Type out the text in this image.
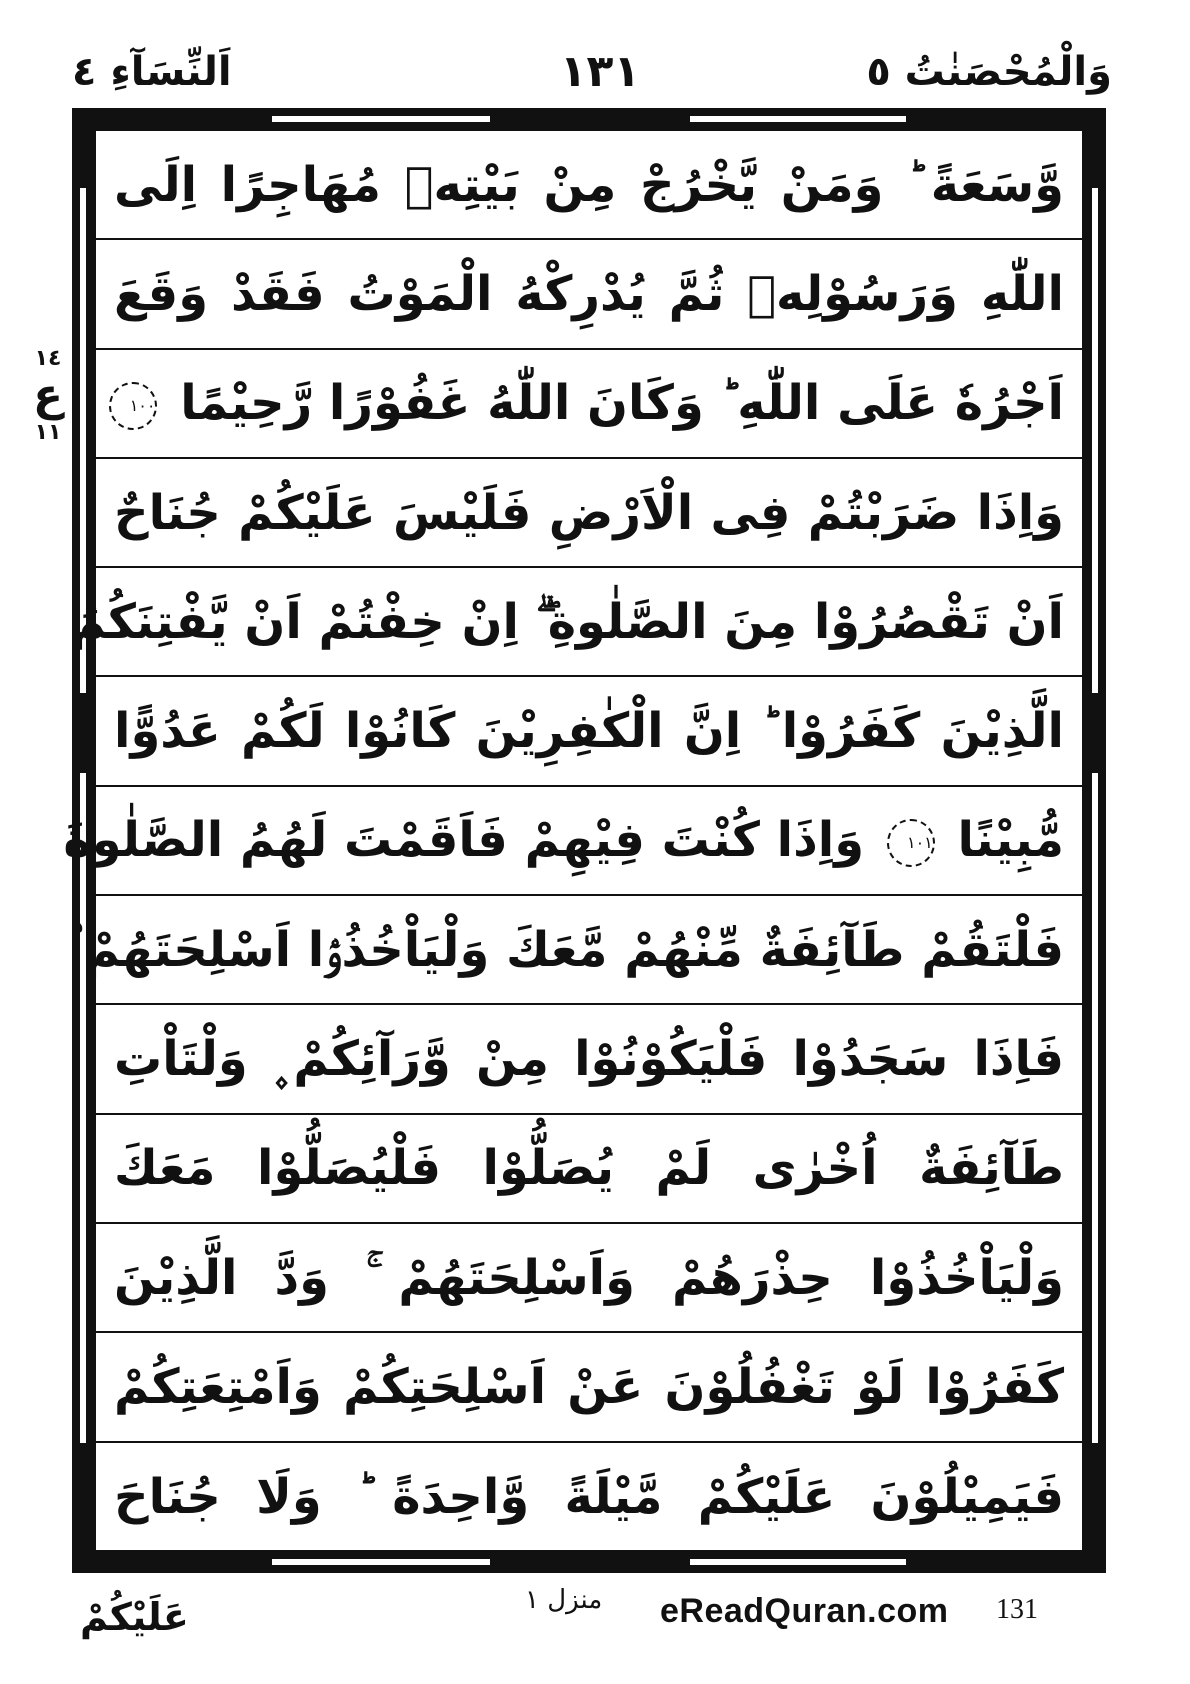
وَالْمُحْصَنٰتُ ٥
١٣١
اَلنِّسَآءِ ٤
١٤
ع
١١
وَّسَعَةً ؕ وَمَنْ يَّخْرُجْ مِنْ بَيْتِهٖ مُهَاجِرًا اِلَى
اللّٰهِ وَرَسُوْلِهٖ ثُمَّ يُدْرِكْهُ الْمَوْتُ فَقَدْ وَقَعَ
اَجْرُهٗ عَلَى اللّٰهِ ؕ وَكَانَ اللّٰهُ غَفُوْرًا رَّحِيْمًا ١٠٠
وَاِذَا ضَرَبْتُمْ فِى الْاَرْضِ فَلَيْسَ عَلَيْكُمْ جُنَاحٌ
اَنْ تَقْصُرُوْا مِنَ الصَّلٰوةِ ۖۗ اِنْ خِفْتُمْ اَنْ يَّفْتِنَكُمُ
الَّذِيْنَ كَفَرُوْا ؕ اِنَّ الْكٰفِرِيْنَ كَانُوْا لَكُمْ عَدُوًّا
مُّبِيْنًا ١٠١ وَاِذَا كُنْتَ فِيْهِمْ فَاَقَمْتَ لَهُمُ الصَّلٰوةَ
فَلْتَقُمْ طَآئِفَةٌ مِّنْهُمْ مَّعَكَ وَلْيَاْخُذُوْۤا اَسْلِحَتَهُمْ ۟
فَاِذَا سَجَدُوْا فَلْيَكُوْنُوْا مِنْ وَّرَآئِكُمْ ۪ وَلْتَاْتِ
طَآئِفَةٌ اُخْرٰى لَمْ يُصَلُّوْا فَلْيُصَلُّوْا مَعَكَ
وَلْيَاْخُذُوْا حِذْرَهُمْ وَاَسْلِحَتَهُمْ ۚ وَدَّ الَّذِيْنَ
كَفَرُوْا لَوْ تَغْفُلُوْنَ عَنْ اَسْلِحَتِكُمْ وَاَمْتِعَتِكُمْ
فَيَمِيْلُوْنَ عَلَيْكُمْ مَّيْلَةً وَّاحِدَةً ؕ وَلَا جُنَاحَ
عَلَيْكُمْ	منزل ١ eReadQuran.com 131
